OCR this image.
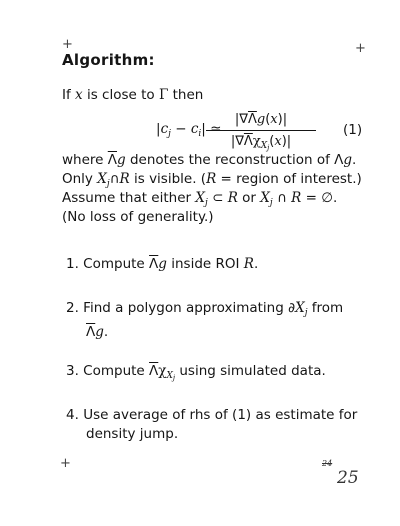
+	+
+
Algorithm:
If x is close to Γ then
$|c_j - c_i|$ ≃
$|\nabla\overline{\Lambda}g(x)|$
$|\nabla\overline{\Lambda}\chi_{X_j}(x)|$
(1)
where $\overline{\Lambda}g$ denotes the reconstruction of Λg.
Only $X_j\cap R$ is visible. (R = region of interest.)
Assume that either $X_j$ ⊂ R or $X_j$ ∩ R = ∅.
(No loss of generality.)
1. Compute $\overline{\Lambda}g$ inside ROI R.
2. Find a polygon approximating $\partial X_j$ from
$\overline{\Lambda}g$.
3. Compute $\overline{\Lambda}\chi_{X_j}$ using simulated data.
4. Use average of rhs of (1) as estimate for
density jump.
24
25
